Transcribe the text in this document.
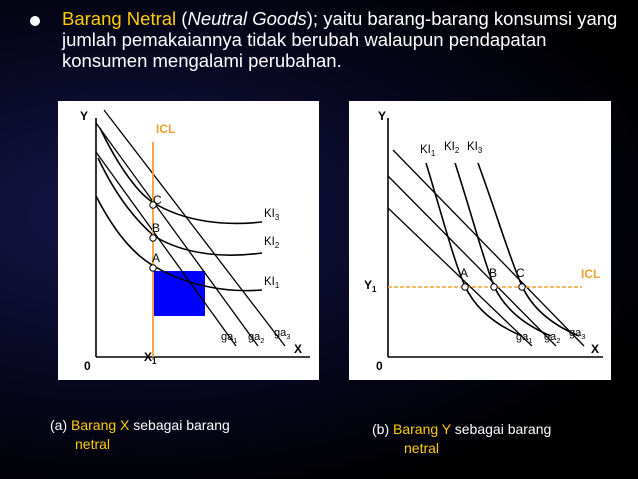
Barang Netral (Neutral Goods); yaitu barang-barang konsumsi yang jumlah pemakaiannya tidak berubah walaupun pendapatan konsumen mengalami perubahan.
Y
X
0
ICL
$X_1$
C
B
A
$KI_3$
$KI_2$
$KI_1$
$ga_1$ $ga_2$
$ga_3$
Y
X
0
$Y_1$
ICL
A B C
$KI_1$
$KI_2$ $KI_3$
$ga_1$ $ga_2$
$ga_3$
(a) Barang X sebagai barang
netral
(b) Barang Y sebagai barang
netral
